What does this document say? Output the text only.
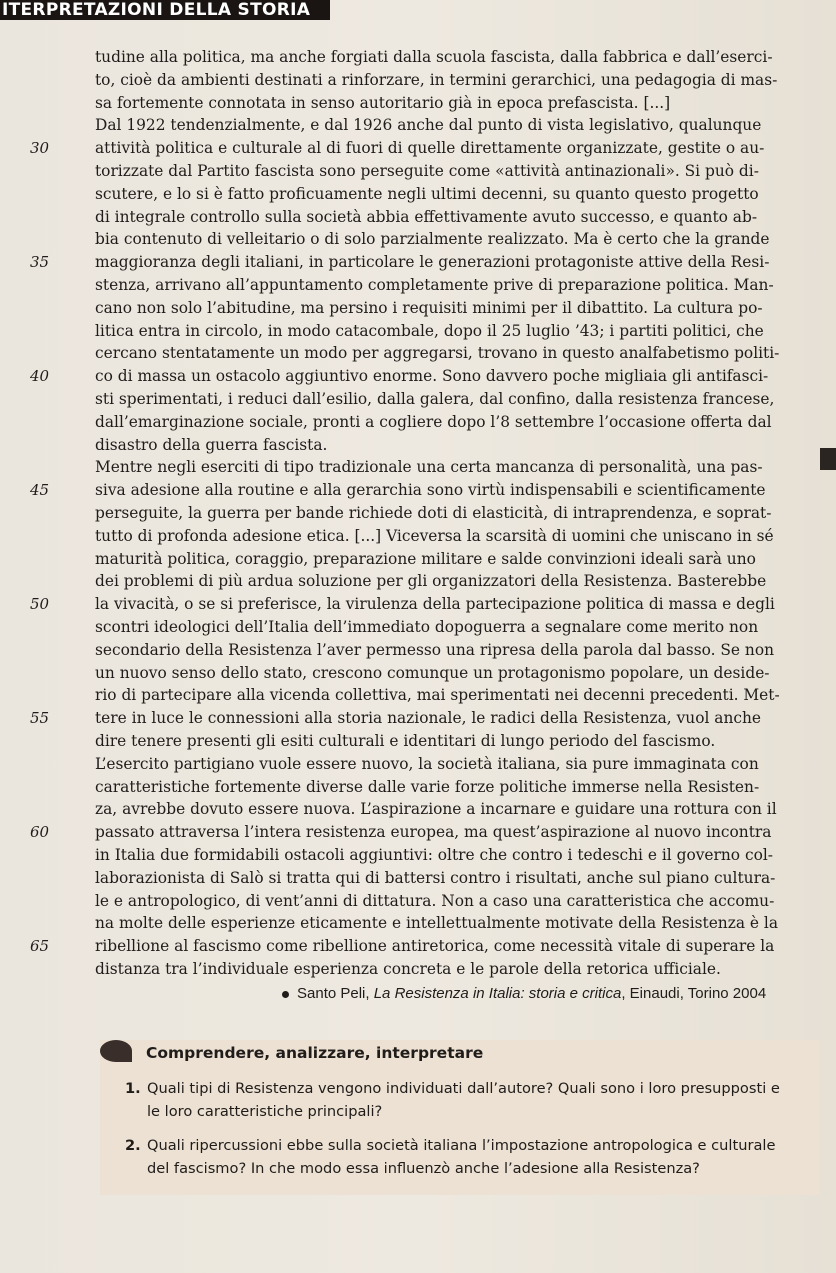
ITERPRETAZIONI DELLA STORIA
tudine alla politica, ma anche forgiati dalla scuola fascista, dalla fabbrica e dall’eserci-
to, cioè da ambienti destinati a rinforzare, in termini gerarchici, una pedagogia di mas-
sa fortemente connotata in senso autoritario già in epoca prefascista. [...]
Dal 1922 tendenzialmente, e dal 1926 anche dal punto di vista legislativo, qualunque
30	attività politica e culturale al di fuori di quelle direttamente organizzate, gestite o au-
torizzate dal Partito fascista sono perseguite come «attività antinazionali». Si può di-
scutere, e lo si è fatto proficuamente negli ultimi decenni, su quanto questo progetto
di integrale controllo sulla società abbia effettivamente avuto successo, e quanto ab-
bia contenuto di velleitario o di solo parzialmente realizzato. Ma è certo che la grande
35	maggioranza degli italiani, in particolare le generazioni protagoniste attive della Resi-
stenza, arrivano all’appuntamento completamente prive di preparazione politica. Man-
cano non solo l’abitudine, ma persino i requisiti minimi per il dibattito. La cultura po-
litica entra in circolo, in modo catacombale, dopo il 25 luglio ’43; i partiti politici, che
cercano stentatamente un modo per aggregarsi, trovano in questo analfabetismo politi-
40	co di massa un ostacolo aggiuntivo enorme. Sono davvero poche migliaia gli antifasci-
sti sperimentati, i reduci dall’esilio, dalla galera, dal confino, dalla resistenza francese,
dall’emarginazione sociale, pronti a cogliere dopo l’8 settembre l’occasione offerta dal
disastro della guerra fascista.
Mentre negli eserciti di tipo tradizionale una certa mancanza di personalità, una pas-
45	siva adesione alla routine e alla gerarchia sono virtù indispensabili e scientificamente
perseguite, la guerra per bande richiede doti di elasticità, di intraprendenza, e soprat-
tutto di profonda adesione etica. [...] Viceversa la scarsità di uomini che uniscano in sé
maturità politica, coraggio, preparazione militare e salde convinzioni ideali sarà uno
dei problemi di più ardua soluzione per gli organizzatori della Resistenza. Basterebbe
50	la vivacità, o se si preferisce, la virulenza della partecipazione politica di massa e degli
scontri ideologici dell’Italia dell’immediato dopoguerra a segnalare come merito non
secondario della Resistenza l’aver permesso una ripresa della parola dal basso. Se non
un nuovo senso dello stato, crescono comunque un protagonismo popolare, un deside-
rio di partecipare alla vicenda collettiva, mai sperimentati nei decenni precedenti. Met-
55	tere in luce le connessioni alla storia nazionale, le radici della Resistenza, vuol anche
dire tenere presenti gli esiti culturali e identitari di lungo periodo del fascismo.
L’esercito partigiano vuole essere nuovo, la società italiana, sia pure immaginata con
caratteristiche fortemente diverse dalle varie forze politiche immerse nella Resisten-
za, avrebbe dovuto essere nuova. L’aspirazione a incarnare e guidare una rottura con il
60	passato attraversa l’intera resistenza europea, ma quest’aspirazione al nuovo incontra
in Italia due formidabili ostacoli aggiuntivi: oltre che contro i tedeschi e il governo col-
laborazionista di Salò si tratta qui di battersi contro i risultati, anche sul piano cultura-
le e antropologico, di vent’anni di dittatura. Non a caso una caratteristica che accomu-
na molte delle esperienze eticamente e intellettualmente motivate della Resistenza è la
65	ribellione al fascismo come ribellione antiretorica, come necessità vitale di superare la
distanza tra l’individuale esperienza concreta e le parole della retorica ufficiale.
Santo Peli, La Resistenza in Italia: storia e critica, Einaudi, Torino 2004
Comprendere, analizzare, interpretare
1. Quali tipi di Resistenza vengono individuati dall’autore? Quali sono i loro presupposti e
le loro caratteristiche principali?
2. Quali ripercussioni ebbe sulla società italiana l’impostazione antropologica e culturale
del fascismo? In che modo essa influenzò anche l’adesione alla Resistenza?
